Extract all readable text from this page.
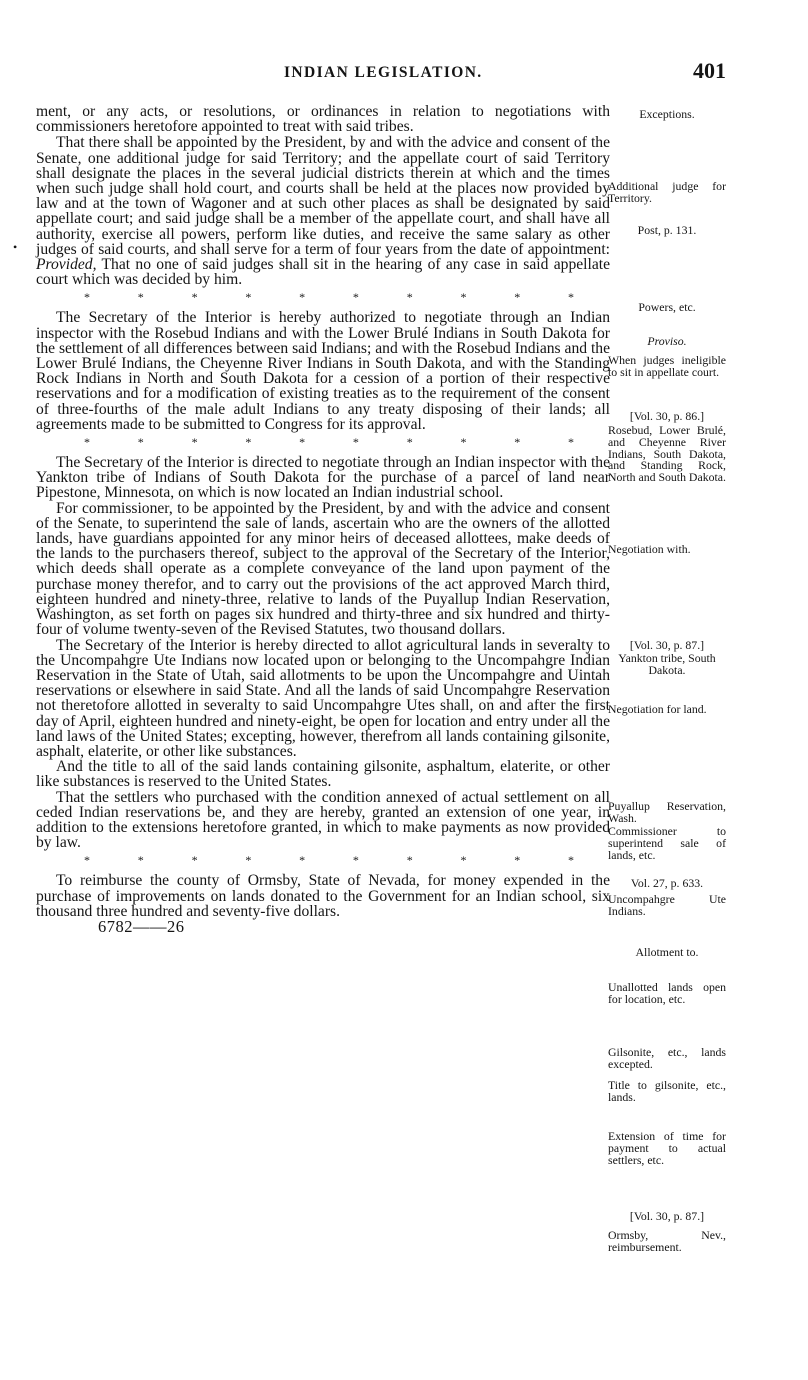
INDIAN LEGISLATION.	401
•

ment, or any acts, or resolutions, or ordinances in relation to negotiations with commissioners heretofore appointed to treat with said tribes.

That there shall be appointed by the President, by and with the advice and consent of the Senate, one additional judge for said Territory; and the appellate court of said Territory shall designate the places in the several judicial districts therein at which and the times when such judge shall hold court, and courts shall be held at the places now provided by law and at the town of Wagoner and at such other places as shall be designated by said appellate court; and said judge shall be a member of the appellate court, and shall have all authority, exercise all powers, perform like duties, and receive the same salary as other judges of said courts, and shall serve for a term of four years from the date of appointment: Provided, That no one of said judges shall sit in the hearing of any case in said appellate court which was decided by him.

*	*	*	*	*	*	*	*	*	*

The Secretary of the Interior is hereby authorized to negotiate through an Indian inspector with the Rosebud Indians and with the Lower Brulé Indians in South Dakota for the settlement of all differences between said Indians; and with the Rosebud Indians and the Lower Brulé Indians, the Cheyenne River Indians in South Dakota, and with the Standing Rock Indians in North and South Dakota for a cession of a portion of their respective reservations and for a modification of existing treaties as to the requirement of the consent of three-fourths of the male adult Indians to any treaty disposing of their lands; all agreements made to be submitted to Congress for its approval.

*	*	*	*	*	*	*	*	*	*

The Secretary of the Interior is directed to negotiate through an Indian inspector with the Yankton tribe of Indians of South Dakota for the purchase of a parcel of land near Pipestone, Minnesota, on which is now located an Indian industrial school.

For commissioner, to be appointed by the President, by and with the advice and consent of the Senate, to superintend the sale of lands, ascertain who are the owners of the allotted lands, have guardians appointed for any minor heirs of deceased allottees, make deeds of the lands to the purchasers thereof, subject to the approval of the Secretary of the Interior, which deeds shall operate as a complete conveyance of the land upon payment of the purchase money therefor, and to carry out the provisions of the act approved March third, eighteen hundred and ninety-three, relative to lands of the Puyallup Indian Reservation, Washington, as set forth on pages six hundred and thirty-three and six hundred and thirty-four of volume twenty-seven of the Revised Statutes, two thousand dollars.

The Secretary of the Interior is hereby directed to allot agricultural lands in severalty to the Uncompahgre Ute Indians now located upon or belonging to the Uncompahgre Indian Reservation in the State of Utah, said allotments to be upon the Uncompahgre and Uintah reservations or elsewhere in said State. And all the lands of said Uncompahgre Reservation not theretofore allotted in severalty to said Uncompahgre Utes shall, on and after the first day of April, eighteen hundred and ninety-eight, be open for location and entry under all the land laws of the United States; excepting, however, therefrom all lands containing gilsonite, asphalt, elaterite, or other like substances.

And the title to all of the said lands containing gilsonite, asphaltum, elaterite, or other like substances is reserved to the United States.

That the settlers who purchased with the condition annexed of actual settlement on all ceded Indian reservations be, and they are hereby, granted an extension of one year, in addition to the extensions heretofore granted, in which to make payments as now provided by law.

*	*	*	*	*	*	*	*	*	*

To reimburse the county of Ormsby, State of Nevada, for money expended in the purchase of improvements on lands donated to the Government for an Indian school, six thousand three hundred and seventy-five dollars.

6782——26

Exceptions.
Additional judge for Territory.
Post, p. 131.
Powers, etc.
Proviso.
When judges ineligible to sit in appellate court.
[Vol. 30, p. 86.]
Rosebud, Lower Brulé, and Cheyenne River Indians, South Dakota, and Standing Rock, North and South Dakota.
Negotiation with.
[Vol. 30, p. 87.]
Yankton tribe, South Dakota.
Negotiation for land.
Puyallup Reservation, Wash.
Commissioner to superintend sale of lands, etc.
Vol. 27, p. 633.
Uncompahgre Ute Indians.
Allotment to.
Unallotted lands open for location, etc.
Gilsonite, etc., lands excepted.
Title to gilsonite, etc., lands.
Extension of time for payment to actual settlers, etc.
[Vol. 30, p. 87.]
Ormsby, Nev., reimbursement.
